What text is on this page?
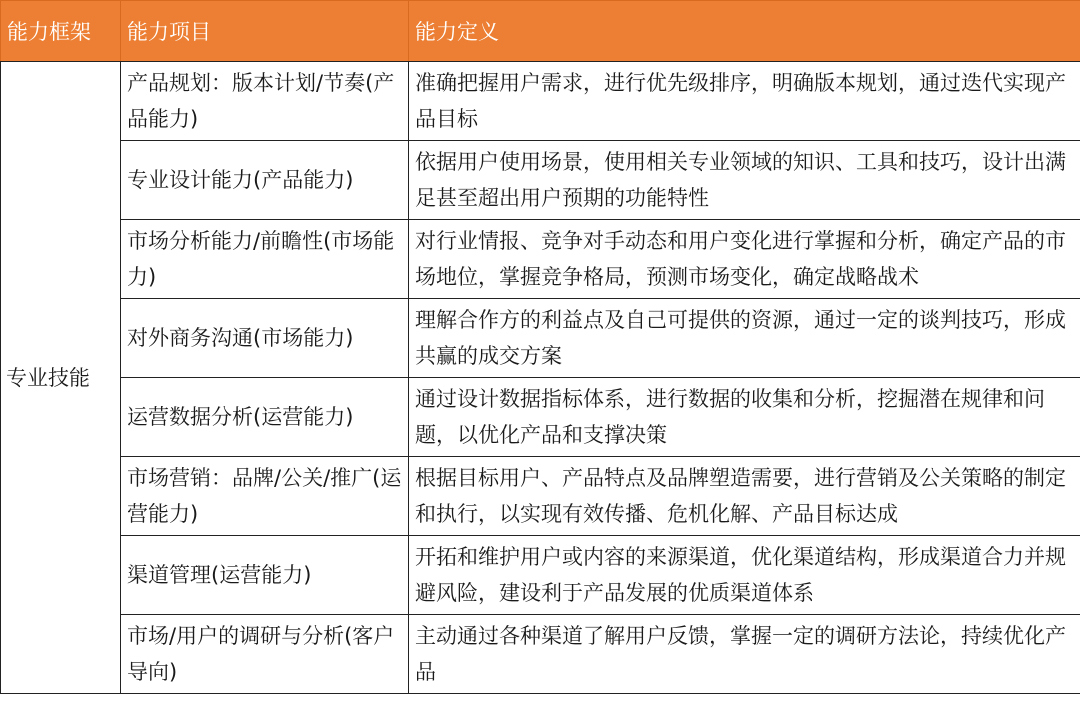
能力框架	能力项目	能力定义
专业技能	产品规划：版本计划/节奏(产品能力)	准确把握用户需求，进行优先级排序，明确版本规划，通过迭代实现产品目标
	专业设计能力(产品能力)	依据用户使用场景，使用相关专业领域的知识、工具和技巧，设计出满足甚至超出用户预期的功能特性
	市场分析能力/前瞻性(市场能力)	对行业情报、竞争对手动态和用户变化进行掌握和分析，确定产品的市场地位，掌握竞争格局，预测市场变化，确定战略战术
	对外商务沟通(市场能力)	理解合作方的利益点及自己可提供的资源，通过一定的谈判技巧，形成共赢的成交方案
	运营数据分析(运营能力)	通过设计数据指标体系，进行数据的收集和分析，挖掘潜在规律和问题，以优化产品和支撑决策
	市场营销：品牌/公关/推广(运营能力)	根据目标用户、产品特点及品牌塑造需要，进行营销及公关策略的制定和执行，以实现有效传播、危机化解、产品目标达成
	渠道管理(运营能力)	开拓和维护用户或内容的来源渠道，优化渠道结构，形成渠道合力并规避风险，建设利于产品发展的优质渠道体系
	市场/用户的调研与分析(客户导向)	主动通过各种渠道了解用户反馈，掌握一定的调研方法论，持续优化产品
